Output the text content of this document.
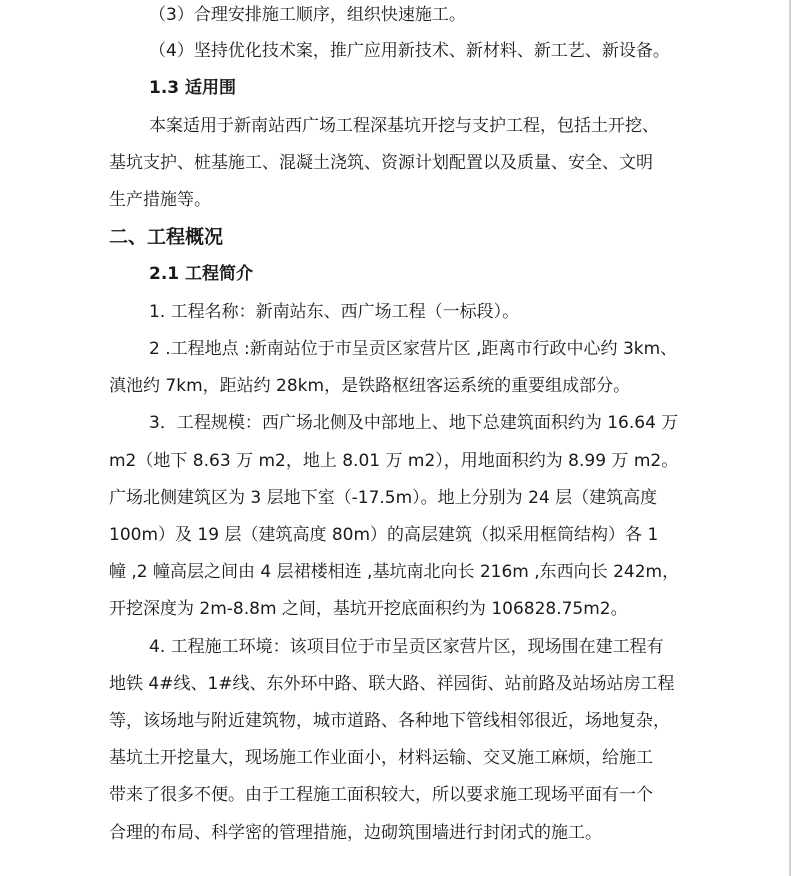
（3）合理安排施工顺序，组织快速施工。
（4）坚持优化技术案，推广应用新技术、新材料、新工艺、新设备。
1.3 适用围
本案适用于新南站西广场工程深基坑开挖与支护工程，包括土开挖、
基坑支护、桩基施工、混凝土浇筑、资源计划配置以及质量、安全、文明
生产措施等。
二、工程概况
2.1 工程简介
1. 工程名称：新南站东、西广场工程（一标段）。
2 .工程地点 :新南站位于市呈贡区家营片区 ,距离市行政中心约 3km、
滇池约 7km，距站约 28km，是铁路枢纽客运系统的重要组成部分。
3．工程规模：西广场北侧及中部地上、地下总建筑面积约为 16.64 万
m2（地下 8.63 万 m2，地上 8.01 万 m2），用地面积约为 8.99 万 m2。
广场北侧建筑区为 3 层地下室（-17.5m）。地上分别为 24 层（建筑高度
100m）及 19 层（建筑高度 80m）的高层建筑（拟采用框筒结构）各 1
幢 ,2 幢高层之间由 4 层裙楼相连 ,基坑南北向长 216m ,东西向长 242m，
开挖深度为 2m-8.8m 之间，基坑开挖底面积约为 106828.75m2。
4. 工程施工环境：该项目位于市呈贡区家营片区，现场围在建工程有
地铁 4#线、1#线、东外环中路、联大路、祥园街、站前路及站场站房工程
等，该场地与附近建筑物，城市道路、各种地下管线相邻很近，场地复杂，
基坑土开挖量大，现场施工作业面小，材料运输、交叉施工麻烦，给施工
带来了很多不便。由于工程施工面积较大，所以要求施工现场平面有一个
合理的布局、科学密的管理措施，边砌筑围墙进行封闭式的施工。
